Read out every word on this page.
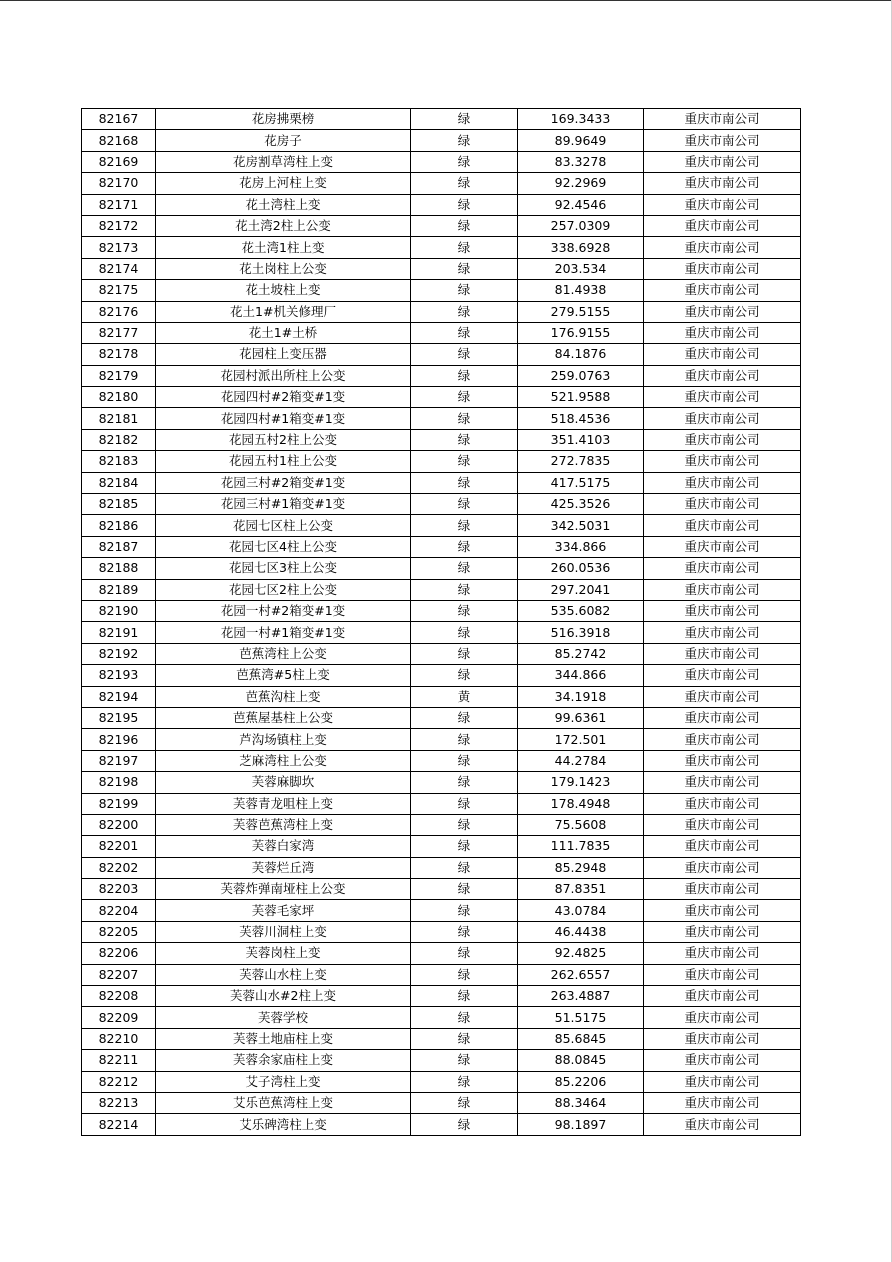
82167	花房拂栗榜	绿	169.3433	重庆市南公司
82168	花房子	绿	89.9649	重庆市南公司
82169	花房割草湾柱上变	绿	83.3278	重庆市南公司
82170	花房上河柱上变	绿	92.2969	重庆市南公司
82171	花土湾柱上变	绿	92.4546	重庆市南公司
82172	花土湾2柱上公变	绿	257.0309	重庆市南公司
82173	花土湾1柱上变	绿	338.6928	重庆市南公司
82174	花土岗柱上公变	绿	203.534	重庆市南公司
82175	花土坡柱上变	绿	81.4938	重庆市南公司
82176	花土1#机关修理厂	绿	279.5155	重庆市南公司
82177	花土1#土桥	绿	176.9155	重庆市南公司
82178	花园柱上变压器	绿	84.1876	重庆市南公司
82179	花园村派出所柱上公变	绿	259.0763	重庆市南公司
82180	花园四村#2箱变#1变	绿	521.9588	重庆市南公司
82181	花园四村#1箱变#1变	绿	518.4536	重庆市南公司
82182	花园五村2柱上公变	绿	351.4103	重庆市南公司
82183	花园五村1柱上公变	绿	272.7835	重庆市南公司
82184	花园三村#2箱变#1变	绿	417.5175	重庆市南公司
82185	花园三村#1箱变#1变	绿	425.3526	重庆市南公司
82186	花园七区柱上公变	绿	342.5031	重庆市南公司
82187	花园七区4柱上公变	绿	334.866	重庆市南公司
82188	花园七区3柱上公变	绿	260.0536	重庆市南公司
82189	花园七区2柱上公变	绿	297.2041	重庆市南公司
82190	花园一村#2箱变#1变	绿	535.6082	重庆市南公司
82191	花园一村#1箱变#1变	绿	516.3918	重庆市南公司
82192	芭蕉湾柱上公变	绿	85.2742	重庆市南公司
82193	芭蕉湾#5柱上变	绿	344.866	重庆市南公司
82194	芭蕉沟柱上变	黄	34.1918	重庆市南公司
82195	芭蕉屋基柱上公变	绿	99.6361	重庆市南公司
82196	芦沟场镇柱上变	绿	172.501	重庆市南公司
82197	芝麻湾柱上公变	绿	44.2784	重庆市南公司
82198	芙蓉麻脚坎	绿	179.1423	重庆市南公司
82199	芙蓉青龙咀柱上变	绿	178.4948	重庆市南公司
82200	芙蓉芭蕉湾柱上变	绿	75.5608	重庆市南公司
82201	芙蓉白家湾	绿	111.7835	重庆市南公司
82202	芙蓉烂丘湾	绿	85.2948	重庆市南公司
82203	芙蓉炸弹南垭柱上公变	绿	87.8351	重庆市南公司
82204	芙蓉毛家坪	绿	43.0784	重庆市南公司
82205	芙蓉川洞柱上变	绿	46.4438	重庆市南公司
82206	芙蓉岗柱上变	绿	92.4825	重庆市南公司
82207	芙蓉山水柱上变	绿	262.6557	重庆市南公司
82208	芙蓉山水#2柱上变	绿	263.4887	重庆市南公司
82209	芙蓉学校	绿	51.5175	重庆市南公司
82210	芙蓉土地庙柱上变	绿	85.6845	重庆市南公司
82211	芙蓉余家庙柱上变	绿	88.0845	重庆市南公司
82212	艾子湾柱上变	绿	85.2206	重庆市南公司
82213	艾乐芭蕉湾柱上变	绿	88.3464	重庆市南公司
82214	艾乐碑湾柱上变	绿	98.1897	重庆市南公司
